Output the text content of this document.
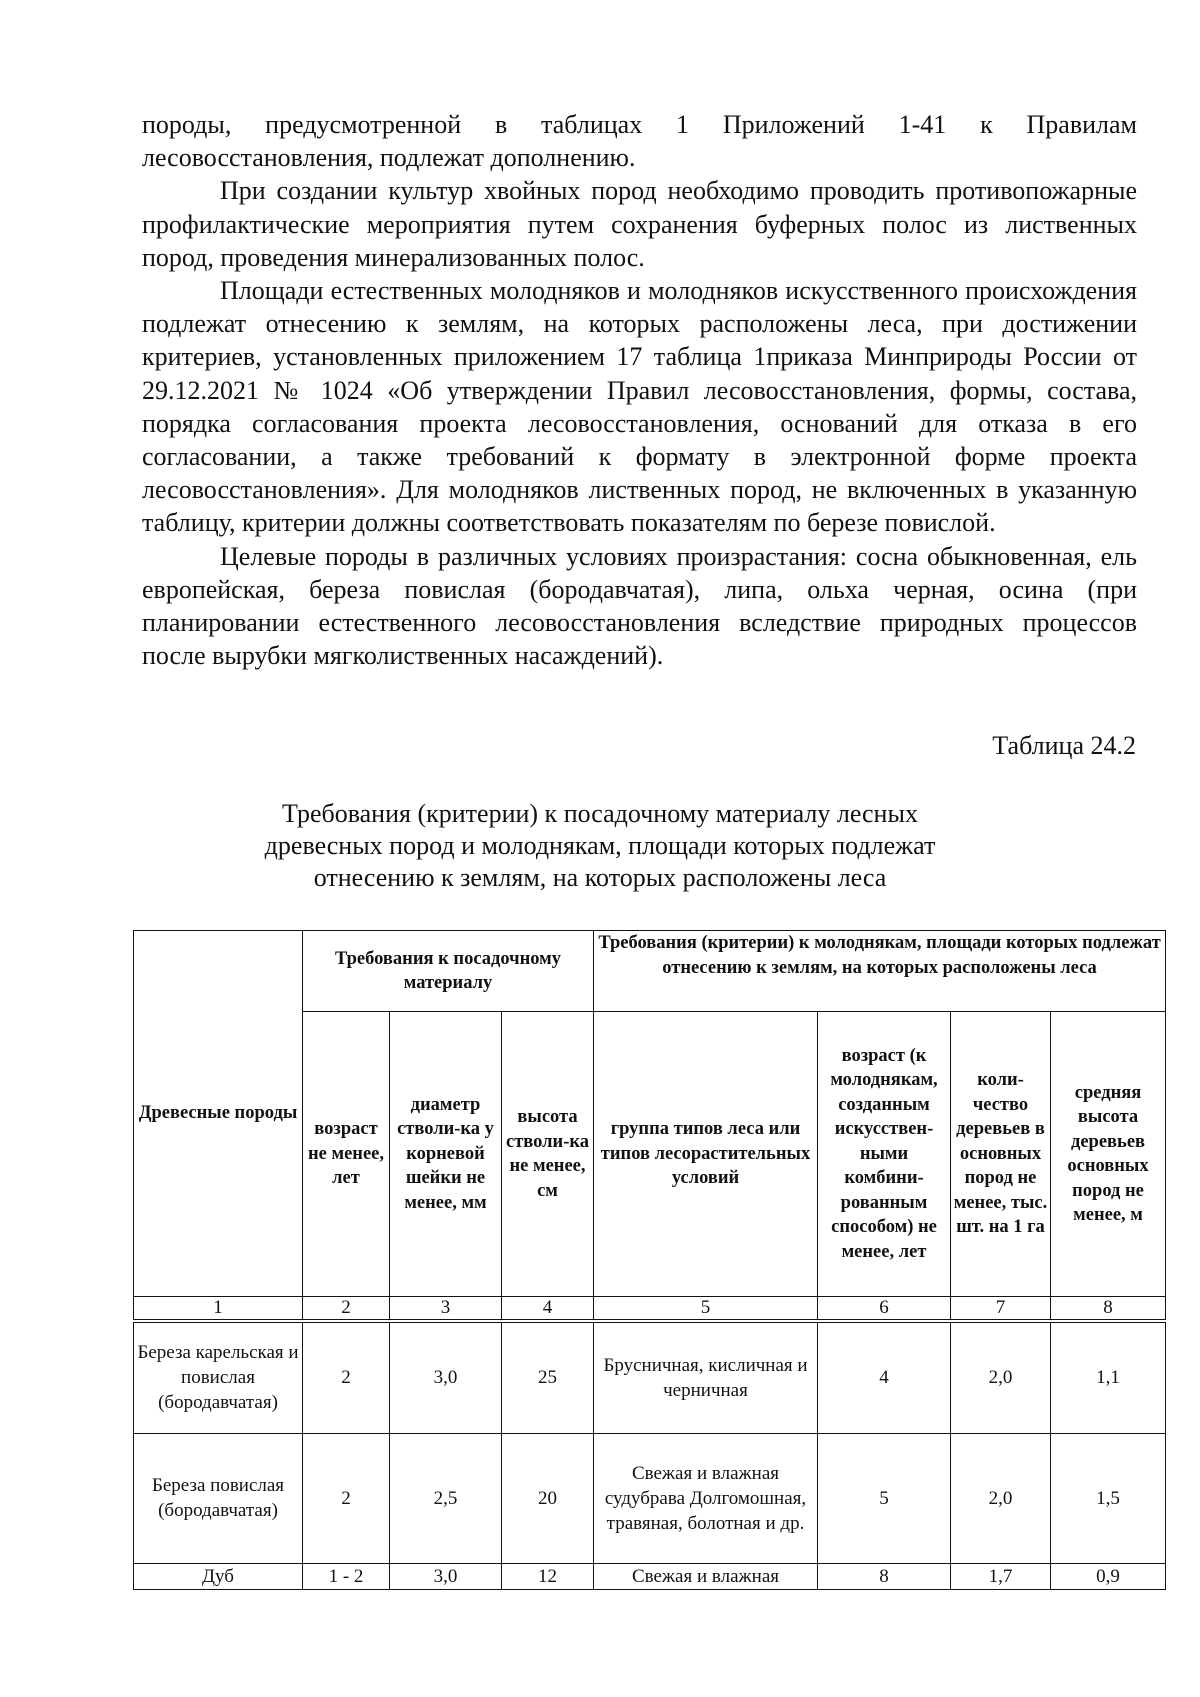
породы, предусмотренной в таблицах 1 Приложений 1-41 к Правилам лесовосстановления, подлежат дополнению.

При создании культур хвойных пород необходимо проводить противопожарные профилактические мероприятия путем сохранения буферных полос из лиственных пород, проведения минерализованных полос.

Площади естественных молодняков и молодняков искусственного происхождения подлежат отнесению к землям, на которых расположены леса, при достижении критериев, установленных приложением 17 таблица 1приказа Минприроды России от 29.12.2021 № 1024 «Об утверждении Правил лесовосстановления, формы, состава, порядка согласования проекта лесовосстановления, оснований для отказа в его согласовании, а также требований к формату в электронной форме проекта лесовосстановления». Для молодняков лиственных пород, не включенных в указанную таблицу, критерии должны соответствовать показателям по березе повислой.

Целевые породы в различных условиях произрастания: сосна обыкновенная, ель европейская, береза повислая (бородавчатая), липа, ольха черная, осина (при планировании естественного лесовосстановления вследствие природных процессов после вырубки мягколиственных насаждений).

Таблица 24.2
Требования (критерии) к посадочному материалу лесных древесных пород и молоднякам, площади которых подлежат отнесению к землям, на которых расположены леса
Древесные породы	Требования к посадочному материалу			Требования (критерии) к молоднякам, площади которых подлежат отнесению к землям, на которых расположены леса			
	возраст не менее, лет	диаметр стволи-ка у корневой шейки не менее, мм	высота стволи-ка не менее, см	группа типов леса или типов лесорастительных условий	возраст (к молоднякам, созданным искусствен-ными комбини-рованным способом) не менее, лет	коли-чество деревьев в основных пород не менее, тыс. шт. на 1 га	средняя высота деревьев основных пород не менее, м
1	2	3	4	5	6	7	8
Береза карельская и повислая (бородавчатая)	2	3,0	25	Брусничная, кисличная и черничная	4	2,0	1,1
Береза повислая (бородавчатая)	2	2,5	20	Свежая и влажная судубрава Долгомошная, травяная, болотная и др.	5	2,0	1,5
Дуб	1 - 2	3,0	12	Свежая и влажная	8	1,7	0,9
